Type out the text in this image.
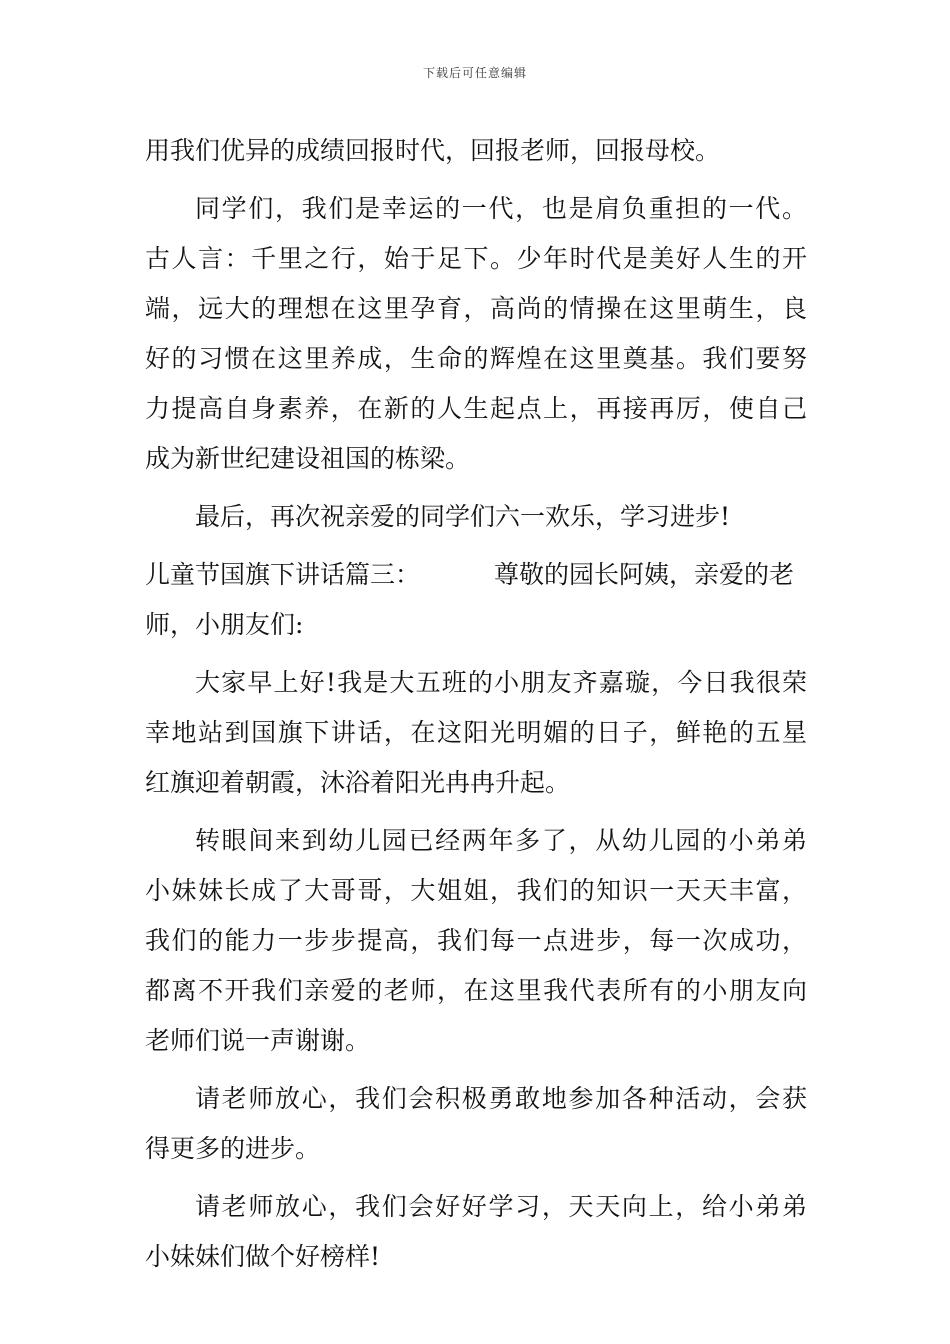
下载后可任意编辑
用我们优异的成绩回报时代，回报老师，回报母校。
同学们，我们是幸运的一代，也是肩负重担的一代。
古人言：千里之行，始于足下。少年时代是美好人生的开
端，远大的理想在这里孕育，高尚的情操在这里萌生，良
好的习惯在这里养成，生命的辉煌在这里奠基。我们要努
力提高自身素养，在新的人生起点上，再接再厉，使自己
成为新世纪建设祖国的栋梁。
最后，再次祝亲爱的同学们六一欢乐，学习进步!
儿童节国旗下讲话篇三：	尊敬的园长阿姨，亲爱的老
师，小朋友们:
大家早上好!我是大五班的小朋友齐嘉璇，今日我很荣
幸地站到国旗下讲话，在这阳光明媚的日子，鲜艳的五星
红旗迎着朝霞，沐浴着阳光冉冉升起。
转眼间来到幼儿园已经两年多了，从幼儿园的小弟弟
小妹妹长成了大哥哥，大姐姐，我们的知识一天天丰富，
我们的能力一步步提高，我们每一点进步，每一次成功，
都离不开我们亲爱的老师，在这里我代表所有的小朋友向
老师们说一声谢谢。
请老师放心，我们会积极勇敢地参加各种活动，会获
得更多的进步。
请老师放心，我们会好好学习，天天向上，给小弟弟
小妹妹们做个好榜样!
